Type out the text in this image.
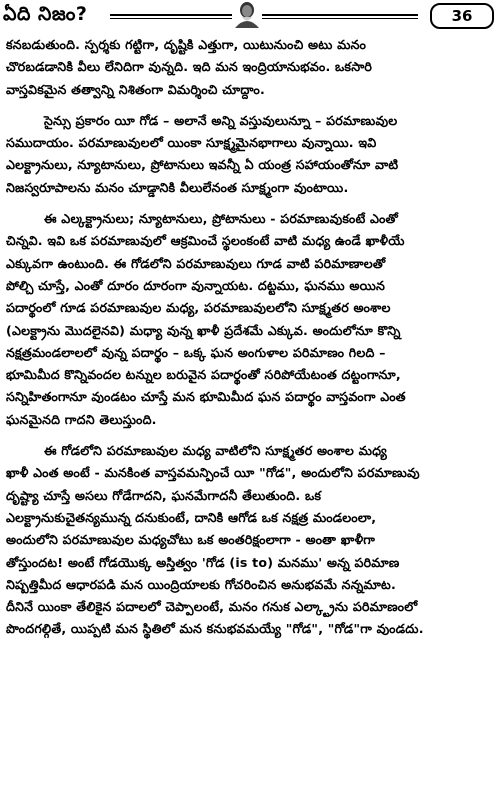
ఏది నిజం?	36
కనబడుతుంది. స్పర్శకు గట్టిగా, దృష్టికి ఎత్తుగా, యిటునుంచి అటు మనం
చొరబడడానికి వీలు లేనిదిగా వున్నది. ఇది మన ఇంద్రియానుభవం. ఒకసారి
వాస్తవికమైన తత్వాన్ని నిశితంగా విమర్శించి చూద్దాం.
సైన్సు ప్రకారం యీ గోడ – అలానే అన్ని వస్తువులున్నూ – పరమాణువుల
సముదాయం. పరమాణువులలో యింకా సూక్ష్మమైనభాగాలు వున్నాయి. ఇవి
ఎలక్ట్రానులు, న్యూటానులు, ప్రోటానులు ఇవన్నీ ఏ యంత్ర సహాయంతోనూ వాటి
నిజస్వరూపాలను మనం చూడ్డానికి వీలులేనంత సూక్ష్మంగా వుంటాయి.
ఈ ఎల్కక్ట్రానులు; న్యూటానులు, ప్రోటానులు - పరమాణువుకంటే ఎంతో
చిన్నవి. ఇవి ఒక పరమాణువులో ఆక్రమించే స్థలంకంటే వాటి మధ్య ఉండే ఖాళీయే
ఎక్కువగా ఉంటుంది. ఈ గోడలోని పరమాణువులు గూడ వాటి పరిమాణాలతో
పోల్చి చూస్తే, ఎంతో దూరం దూరంగా వున్నాయట. దట్టము, ఘనము అయిన
పదార్థంలో గూడ పరమాణువుల మధ్య, పరమాణువులలోని సూక్ష్మతర అంశాల
(ఎలక్ట్రాను మొదలైనవి) మధ్యా వున్న ఖాళీ ప్రదేశమే ఎక్కువ. అందులోనూ కొన్ని
నక్షత్రమండలాలలో వున్న పదార్థం – ఒక్క ఘన అంగుళాల పరిమాణం గిలది –
భూమిమీద కొన్నివందల టన్నుల బరువైన పదార్థంతో సరిపోయేటంత దట్టంగానూ,
సన్నిహితంగానూ వుండటం చూస్తే మన భూమిమీద ఘన పదార్థం వాస్తవంగా ఎంత
ఘనమైనది గాదని తెలుస్తుంది.
ఈ గోడలోని పరమాణువుల మధ్య వాటిలోని సూక్ష్మతర అంశాల మధ్య
ఖాళీ ఎంత అంటే - మనకింత వాస్తవమన్పించే యీ "గోడ", అందులోని పరమాణువు
దృష్ట్యా చూస్తే అసలు గోడేగాదని, ఘనమేగాదనీ తేలుతుంది. ఒక
ఎలక్ట్రానుకుచైతన్యమున్న దనుకుంటే, దానికి ఆగోడ ఒక నక్షత్ర మండలంలా,
అందులోని పరమాణువుల మధ్యచోటు ఒక అంతరిక్షంలాగా - అంతా ఖాళీగా
తోస్తుందట! అంటే గోడయొక్క అస్తిత్వం 'గోడ (is to) మనము' అన్న పరిమాణ
నిష్పత్తిమీద ఆధారపడి మన యింద్రియాలకు గోచరించిన అనుభవమే నన్నమాట.
దీనినే యింకా తేలికైన పదాలలో చెప్పాలంటే, మనం గనుక ఎల్క్ట్రాను పరిమాణంలో
పొందగల్గితే, యిప్పటి మన స్థితిలో మన కనుభవమయ్యే "గోడ", "గోడ"గా వుండదు.
